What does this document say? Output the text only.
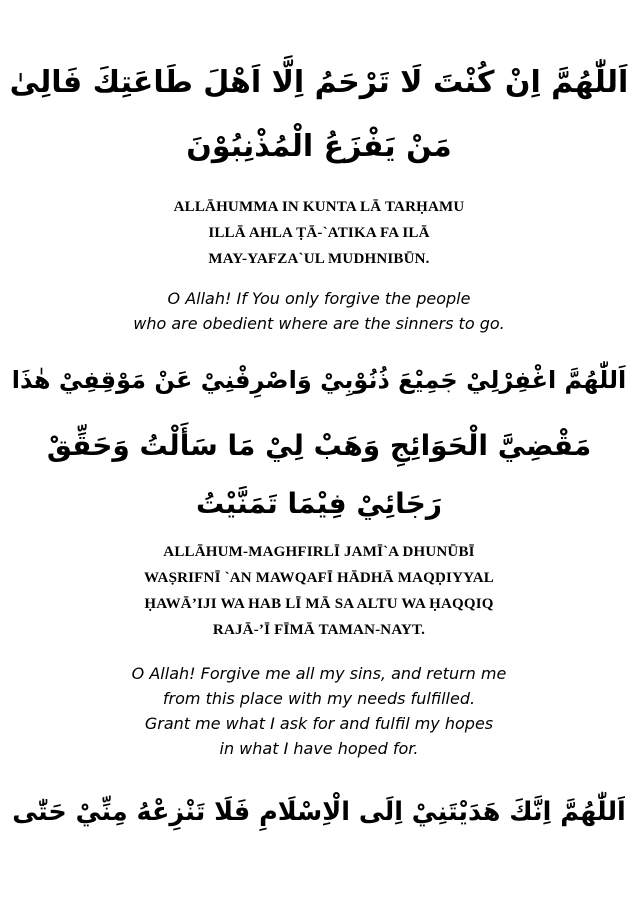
اَللّٰهُمَّ اِنْ كُنْتَ لَا تَرْحَمُ اِلَّا اَهْلَ طَاعَتِكَ فَالِىٰ
مَنْ يَفْزَعُ الْمُذْنِبُوْنَ
ALLĀHUMMA IN KUNTA LĀ TARḤAMU
ILLĀ AHLA ṬĀ-`ATIKA FA ILĀ
MAY-YAFZA`UL MUDHNIBŪN.
O Allah! If You only forgive the people
who are obedient where are the sinners to go.
اَللّٰهُمَّ اغْفِرْلِيْ جَمِيْعَ ذُنُوْبِيْ وَاصْرِفْنِيْ عَنْ مَوْقِفِيْ هٰذَا
مَقْضِيَّ الْحَوَائِجِ وَهَبْ لِيْ مَا سَأَلْتُ وَحَقِّقْ
رَجَائِيْ فِيْمَا تَمَنَّيْتُ
ALLĀHUM-MAGHFIRLĪ JAMĪ`A DHUNŪBĪ
WAṢRIFNĪ `AN MAWQAFĪ HĀDHĀ MAQḌIYYAL
ḤAWĀ’IJI WA HAB LĪ MĀ SA ALTU WA ḤAQQIQ
RAJĀ-’Ī FĪMĀ TAMAN-NAYT.
O Allah! Forgive me all my sins, and return me
from this place with my needs fulfilled.
Grant me what I ask for and fulfil my hopes
in what I have hoped for.
اَللّٰهُمَّ اِنَّكَ هَدَيْتَنِيْ اِلَى الْاِسْلَامِ فَلَا تَنْزِعْهُ مِنِّيْ حَتّٰى
